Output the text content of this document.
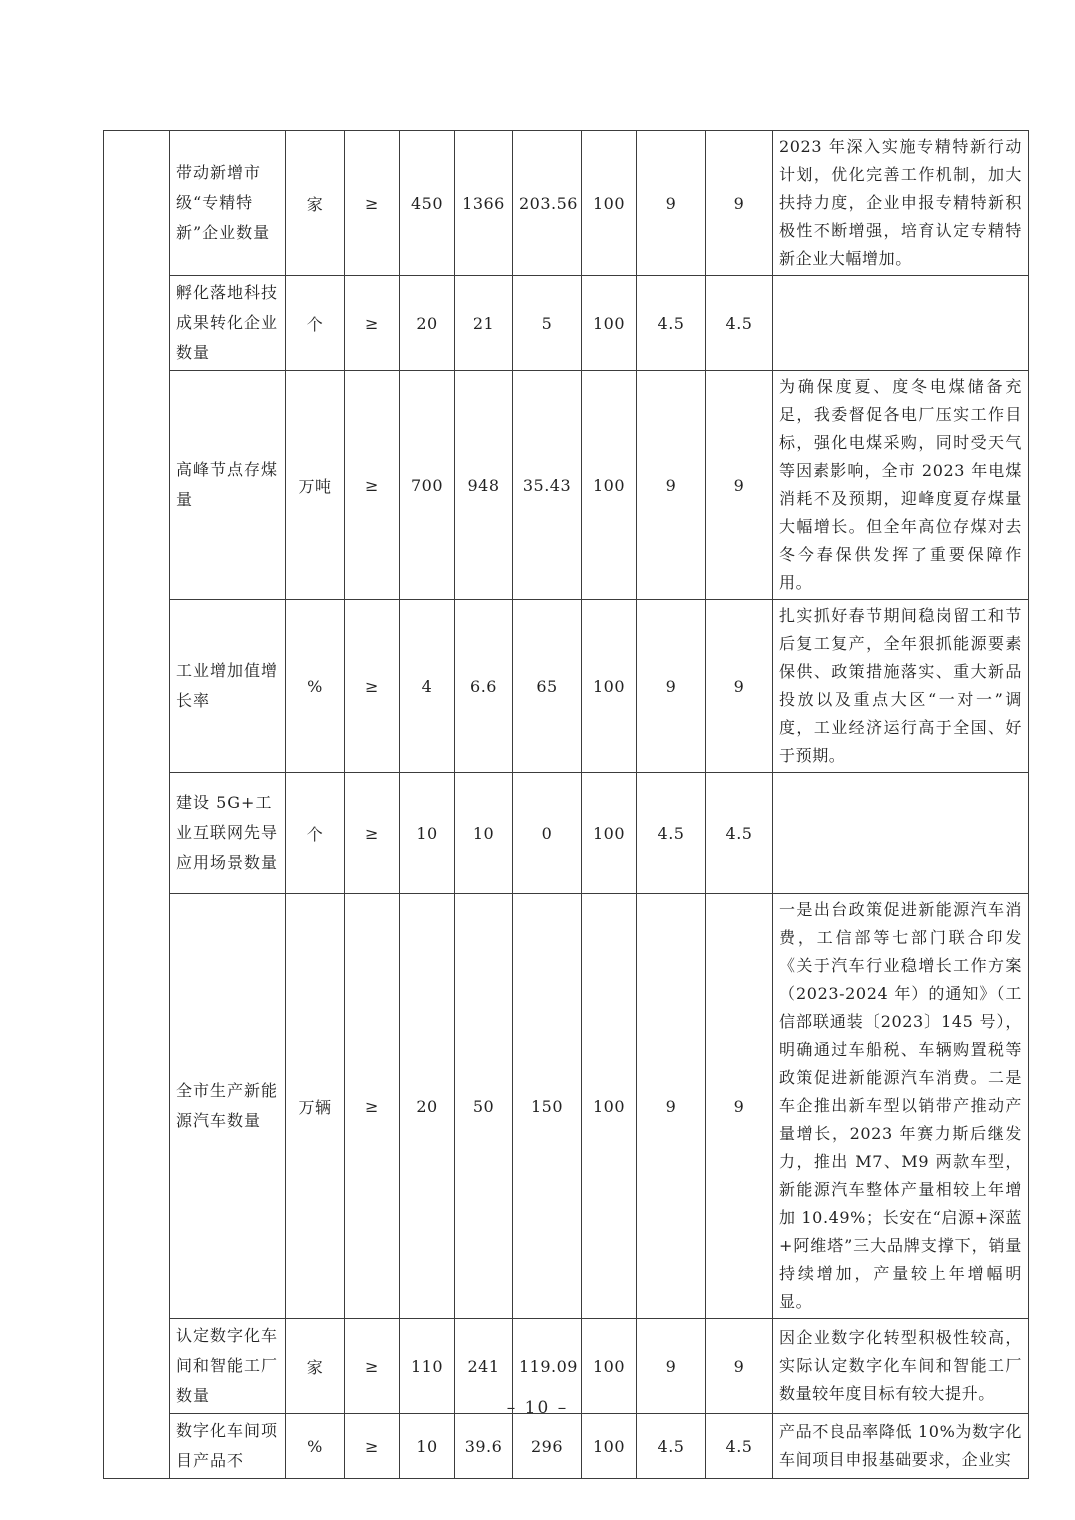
	带动新增市级“专精特新”企业数量	家	≥	450	1366	203.56	100	9	9	2023 年深入实施专精特新行动计划，优化完善工作机制，加大扶持力度，企业申报专精特新积极性不断增强，培育认定专精特新企业大幅增加。
	孵化落地科技成果转化企业数量	个	≥	20	21	5	100	4.5	4.5	
	高峰节点存煤量	万吨	≥	700	948	35.43	100	9	9	为确保度夏、度冬电煤储备充足，我委督促各电厂压实工作目标，强化电煤采购，同时受天气等因素影响，全市 2023 年电煤消耗不及预期，迎峰度夏存煤量大幅增长。但全年高位存煤对去冬今春保供发挥了重要保障作用。
	工业增加值增长率	%	≥	4	6.6	65	100	9	9	扎实抓好春节期间稳岗留工和节后复工复产，全年狠抓能源要素保供、政策措施落实、重大新品投放以及重点大区“一对一”调度，工业经济运行高于全国、好于预期。
	建设 5G+工业互联网先导应用场景数量	个	≥	10	10	0	100	4.5	4.5	
	全市生产新能源汽车数量	万辆	≥	20	50	150	100	9	9	一是出台政策促进新能源汽车消费，工信部等七部门联合印发《关于汽车行业稳增长工作方案（2023-2024 年）的通知》（工信部联通装〔2023〕145 号），明确通过车船税、车辆购置税等政策促进新能源汽车消费。二是车企推出新车型以销带产推动产量增长，2023 年赛力斯后继发力，推出 M7、M9 两款车型，新能源汽车整体产量相较上年增加 10.49%；长安在“启源+深蓝+阿维塔”三大品牌支撑下，销量持续增加，产量较上年增幅明显。
	认定数字化车间和智能工厂数量	家	≥	110	241	119.09	100	9	9	因企业数字化转型积极性较高，实际认定数字化车间和智能工厂数量较年度目标有较大提升。
	数字化车间项目产品不	%	≥	10	39.6	296	100	4.5	4.5	产品不良品率降低 10%为数字化车间项目申报基础要求，企业实
– 10 –
